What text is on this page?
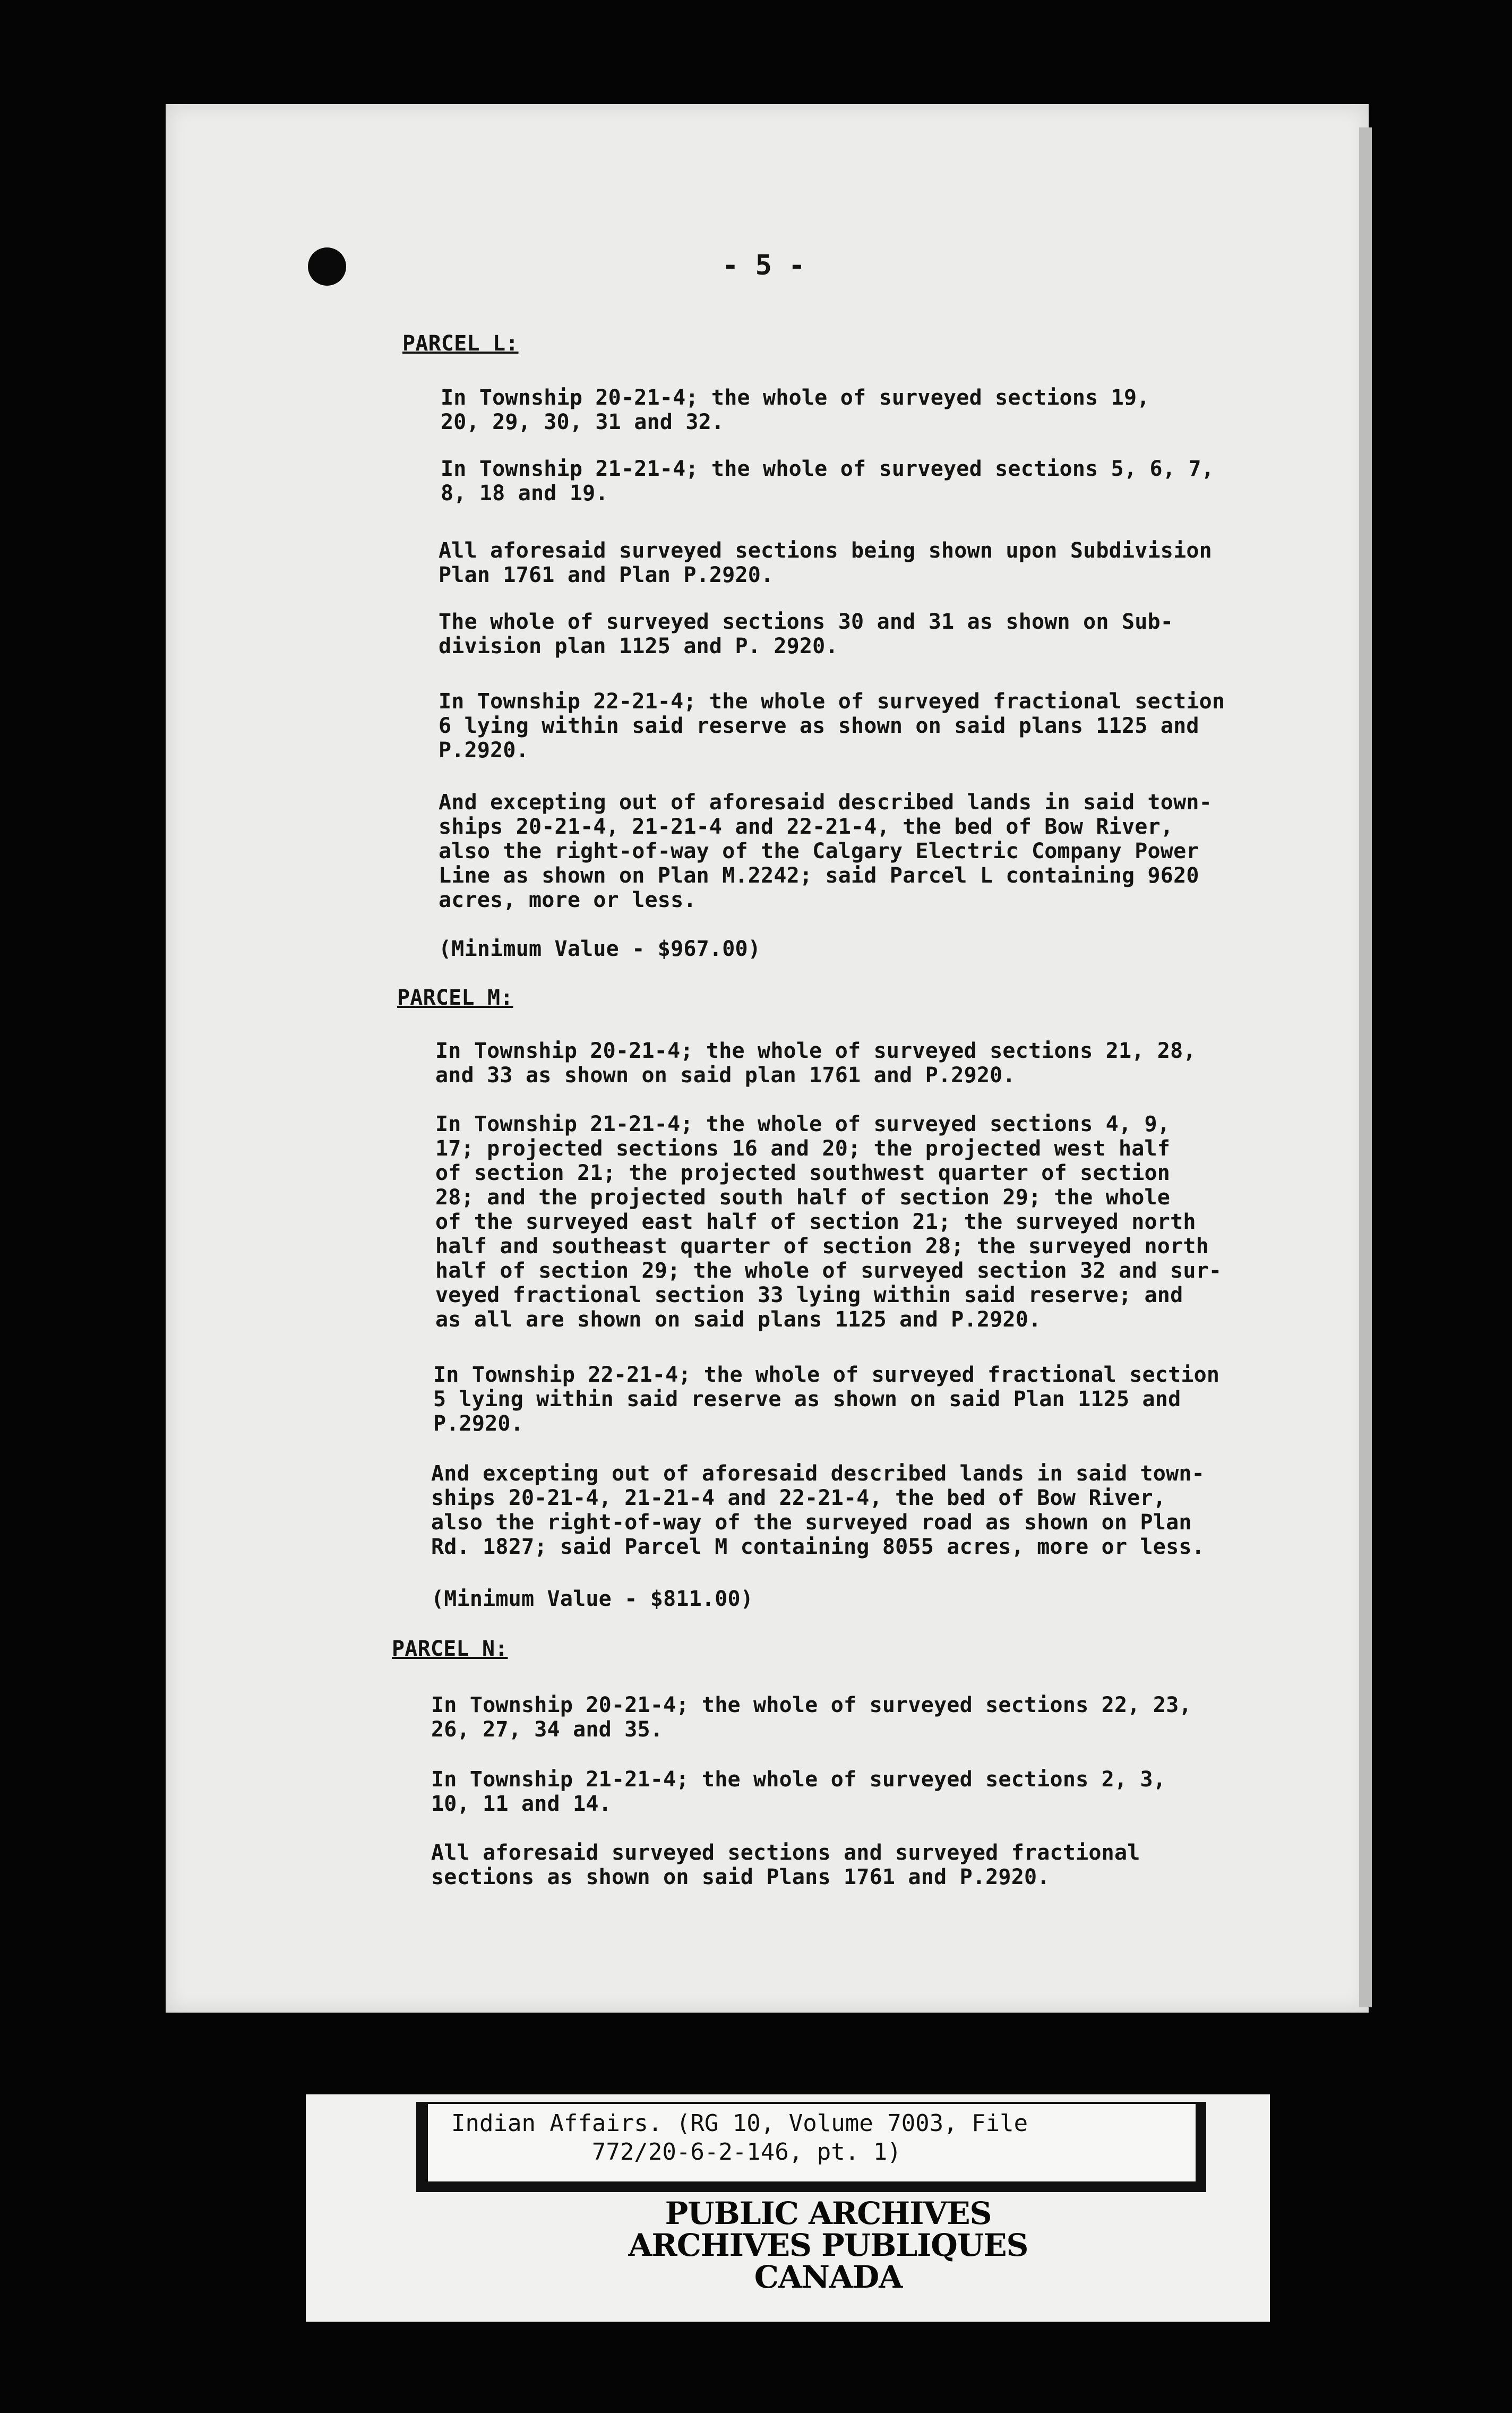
- 5 -

PARCEL L:

In Township 20-21-4; the whole of surveyed sections 19,
20, 29, 30, 31 and 32.

In Township 21-21-4; the whole of surveyed sections 5, 6, 7,
8, 18 and 19.

All aforesaid surveyed sections being shown upon Subdivision
Plan 1761 and Plan P.2920.

The whole of surveyed sections 30 and 31 as shown on Sub-
division plan 1125 and P. 2920.

In Township 22-21-4; the whole of surveyed fractional section
6 lying within said reserve as shown on said plans 1125 and
P.2920.

And excepting out of aforesaid described lands in said town-
ships 20-21-4, 21-21-4 and 22-21-4, the bed of Bow River,
also the right-of-way of the Calgary Electric Company Power
Line as shown on Plan M.2242; said Parcel L containing 9620
acres, more or less.

(Minimum Value - $967.00)

PARCEL M:

In Township 20-21-4; the whole of surveyed sections 21, 28,
and 33 as shown on said plan 1761 and P.2920.

In Township 21-21-4; the whole of surveyed sections 4, 9,
17; projected sections 16 and 20; the projected west half
of section 21; the projected southwest quarter of section
28; and the projected south half of section 29; the whole
of the surveyed east half of section 21; the surveyed north
half and southeast quarter of section 28; the surveyed north
half of section 29; the whole of surveyed section 32 and sur-
veyed fractional section 33 lying within said reserve; and
as all are shown on said plans 1125 and P.2920.

In Township 22-21-4; the whole of surveyed fractional section
5 lying within said reserve as shown on said Plan 1125 and
P.2920.

And excepting out of aforesaid described lands in said town-
ships 20-21-4, 21-21-4 and 22-21-4, the bed of Bow River,
also the right-of-way of the surveyed road as shown on Plan
Rd. 1827; said Parcel M containing 8055 acres, more or less.

(Minimum Value - $811.00)

PARCEL N:

In Township 20-21-4; the whole of surveyed sections 22, 23,
26, 27, 34 and 35.

In Township 21-21-4; the whole of surveyed sections 2, 3,
10, 11 and 14.

All aforesaid surveyed sections and surveyed fractional
sections as shown on said Plans 1761 and P.2920.

Indian Affairs. (RG 10, Volume 7003, File
772/20-6-2-146, pt. 1)

PUBLIC ARCHIVES
ARCHIVES PUBLIQUES
CANADA
